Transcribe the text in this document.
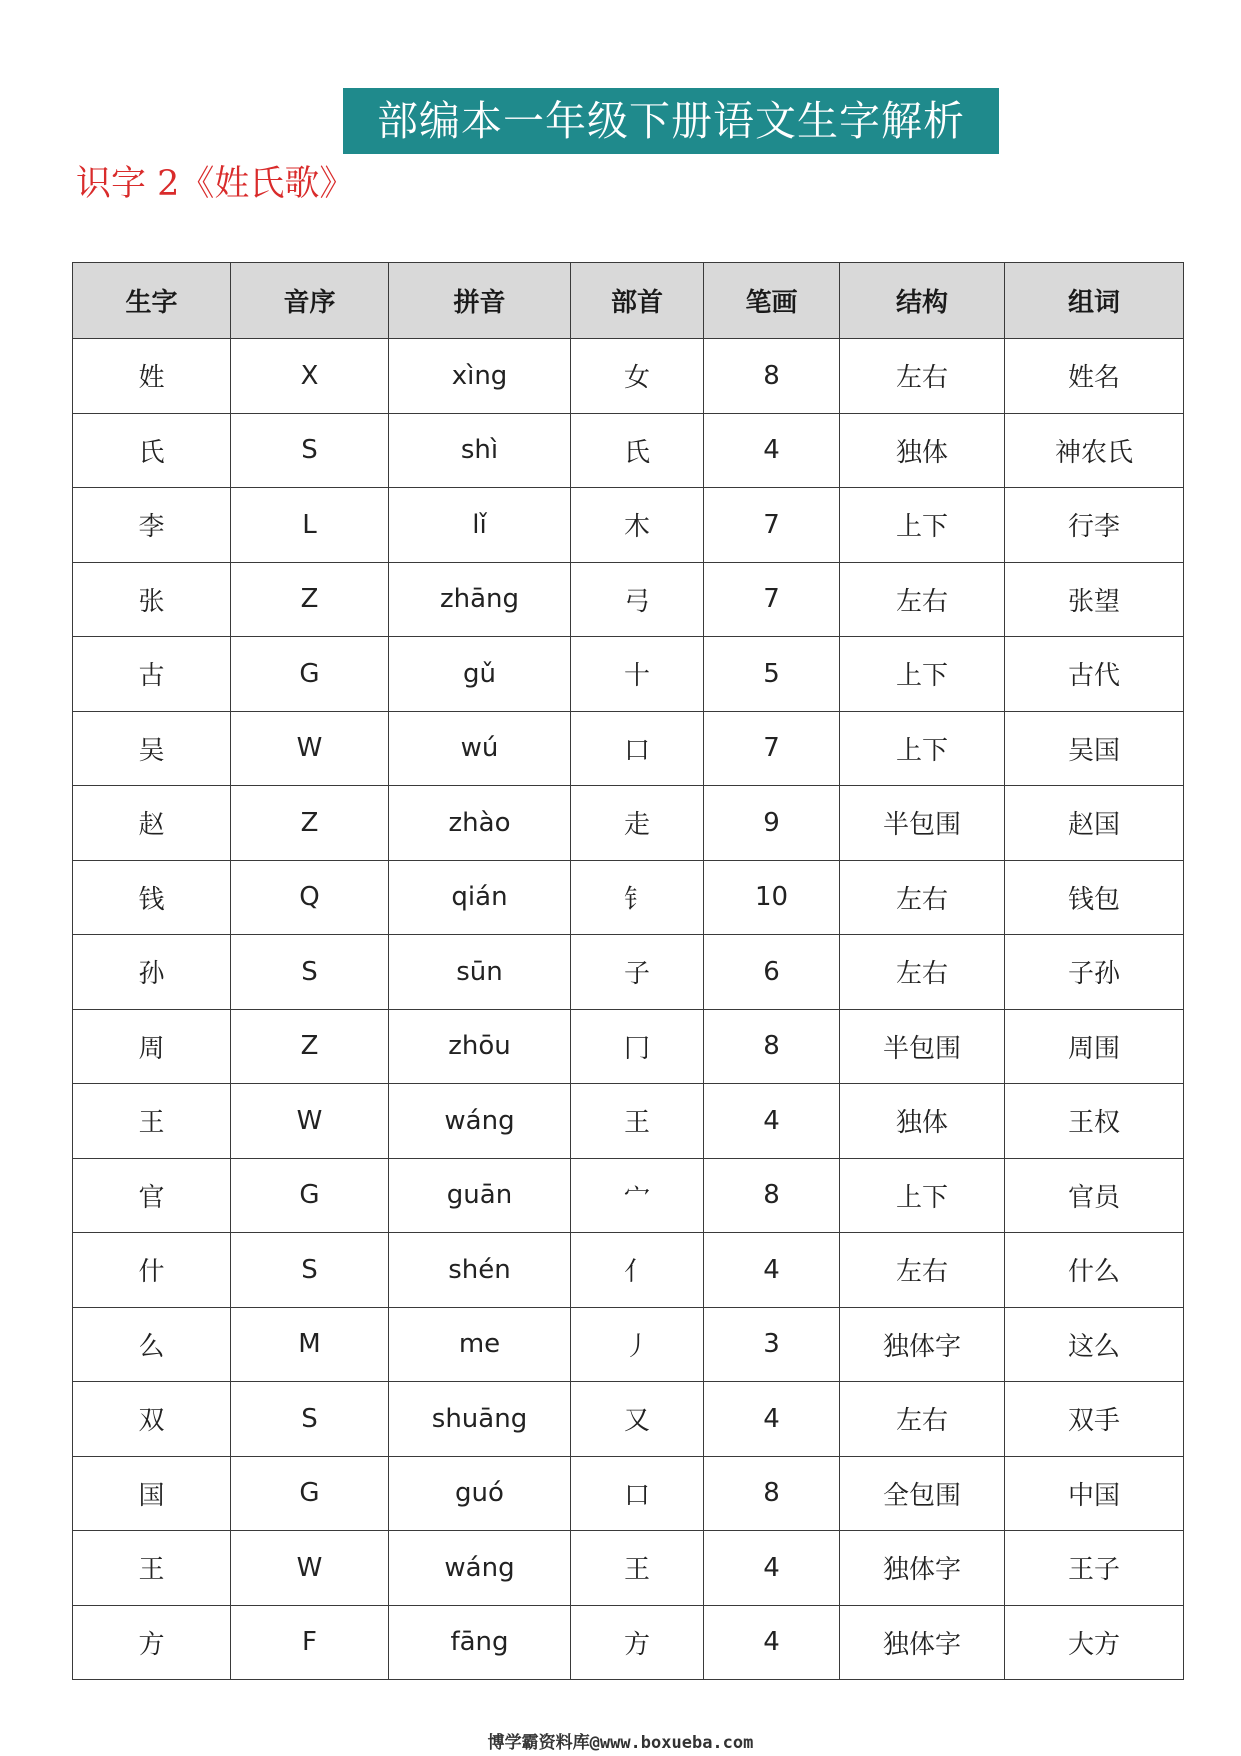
部编本一年级下册语文生字解析
识字 2《姓氏歌》
生字	音序	拼音	部首	笔画	结构	组词
姓	X	xìng	女	8	左右	姓名
氏	S	shì	氏	4	独体	神农氏
李	L	lǐ	木	7	上下	行李
张	Z	zhāng	弓	7	左右	张望
古	G	gǔ	十	5	上下	古代
吴	W	wú	口	7	上下	吴国
赵	Z	zhào	走	9	半包围	赵国
钱	Q	qián	钅	10	左右	钱包
孙	S	sūn	子	6	左右	子孙
周	Z	zhōu	冂	8	半包围	周围
王	W	wáng	王	4	独体	王权
官	G	guān	宀	8	上下	官员
什	S	shén	亻	4	左右	什么
么	M	me	丿	3	独体字	这么
双	S	shuāng	又	4	左右	双手
国	G	guó	口	8	全包围	中国
王	W	wáng	王	4	独体字	王子
方	F	fāng	方	4	独体字	大方
博学霸资料库@www.boxueba.com
